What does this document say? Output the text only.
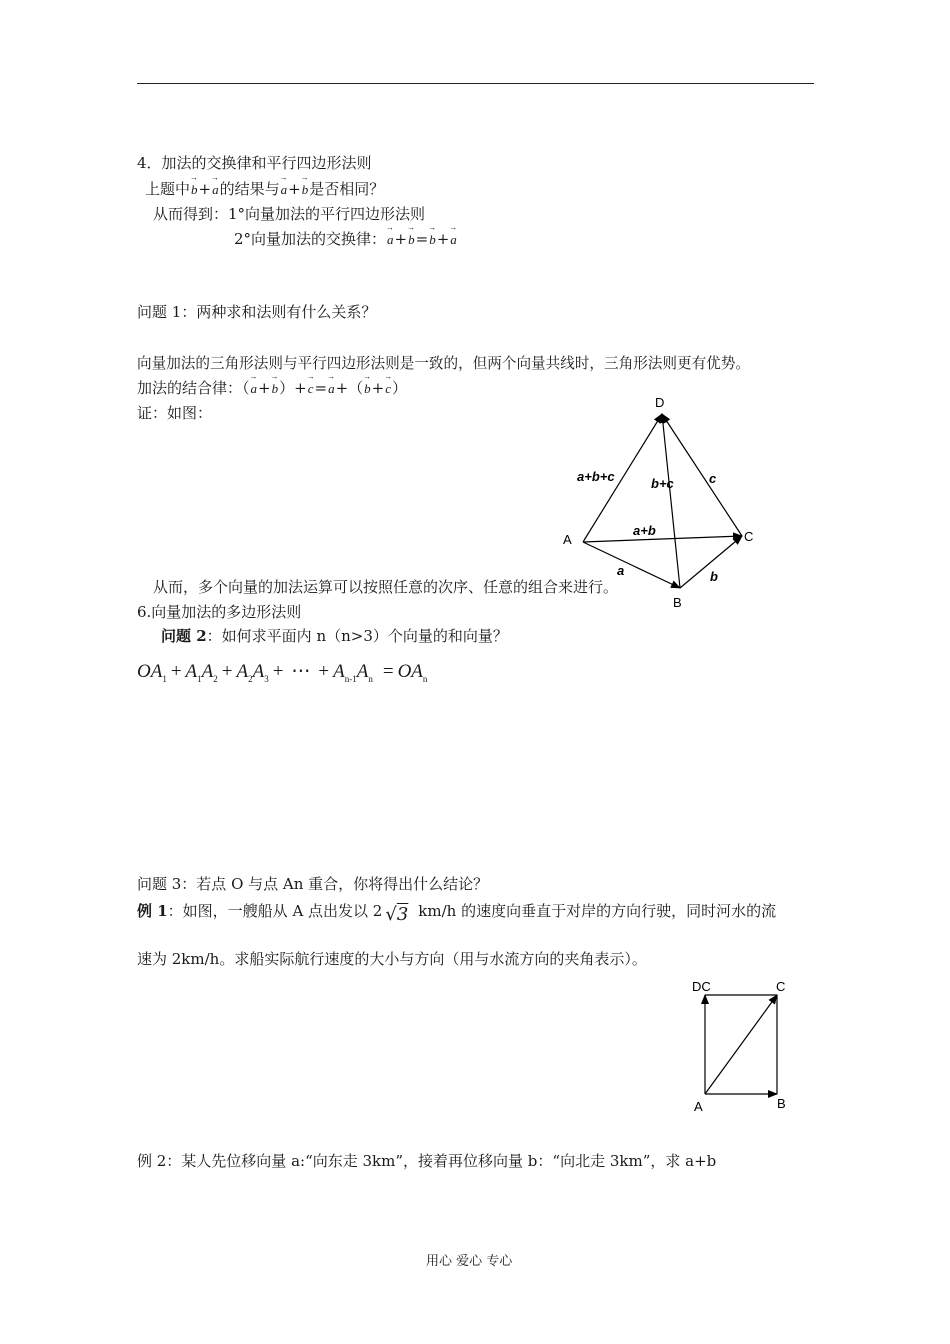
4．加法的交换律和平行四边形法则
上题中→ b+→ a的结果与→ a+→ b是否相同？
从而得到：1°向量加法的平行四边形法则
2°向量加法的交换律：→ a+→ b=→ b+→ a
问题 1：两种求和法则有什么关系？
向量加法的三角形法则与平行四边形法则是一致的，但两个向量共线时，三角形法则更有优势。
加法的结合律：（→ a+→ b）+→ c=→ a+（→ b+→ c）
证：如图：
D
A	C
B
a+b+c	b+c	c
a+b
a	b
从而，多个向量的加法运算可以按照任意的次序、任意的组合来进行。
6.向量加法的多边形法则
问题 2：如何求平面内 n（n>3）个向量的和向量？
$OA_1 + A_1A_2 + A_2A_3$ + ⋯ + $A_{n-1}A_n = OA_n$
问题 3：若点 O 与点 An 重合，你将得出什么结论？
例 1：如图，一艘船从 A 点出发以 2 √3 km/h 的速度向垂直于对岸的方向行驶，同时河水的流
速为 2km/h。求船实际航行速度的大小与方向（用与水流方向的夹角表示）。
DC	C
A	B
例 2：某人先位移向量 a:“向东走 3km”，接着再位移向量 b：“向北走 3km”，求 a+b
用心 爱心 专心
